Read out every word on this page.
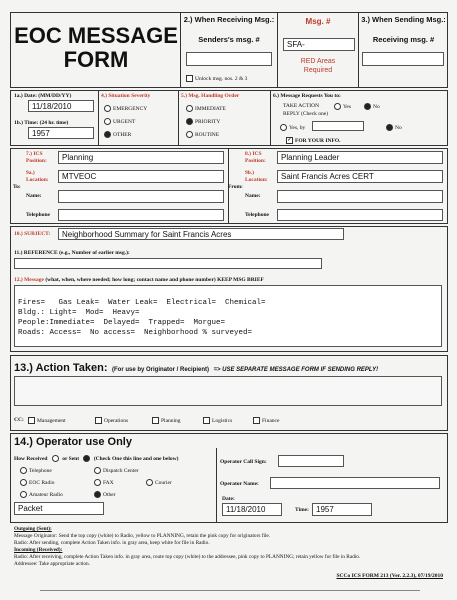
EOC MESSAGE
FORM
2.) When Receiving Msg.:
Senders's msg. #
Unlock msg. nos. 2 & 3
Msg. #
SFA-
RED Areas
Required
3.) When Sending Msg.:
Receiving msg. #
1a.) Date: (MM/DD/YY)
11/18/2010
1b.) Time: (24 hr. time)
1957
4.) Situation Severity
EMERGENCY
URGENT
OTHER
5.) Msg. Handling Order
IMMEDIATE
PRIORITY
ROUTINE
6.) Message Requests You to:
TAKE ACTION	Yes	No
REPLY (Check one)
Yes, by	No
✓ FOR YOUR INFO.
To:
7.) ICS Position:	Planning
9a.) Location:	MTVEOC
Name:
Telephone
From:
8.) ICS Position:	Planning Leader
9b.) Location:	Saint Francis Acres CERT
Name:
Telephone
10.) SUBJECT:	Neighborhood Summary for Saint Francis Acres
11.) REFERENCE (e.g., Number of earlier msg.):
12.) Message (what, when, where needed; how long; contact name and phone number) KEEP MSG BRIEF

Fires=   Gas Leak=  Water Leak=  Electrical=  Chemical=
Bldg.: Light=  Mod=  Heavy=
People:Immediate=  Delayed=  Trapped=  Morgue=
Roads: Access=  No access=  Neighborhood % surveyed=

13.) Action Taken: (For use by Originator / Recipient) => USE SEPARATE MESSAGE FORM IF SENDING REPLY!
CC:	Management	Operations	Planning	Logistics	Finance
14.) Operator use Only
How Received	or Sent	(Check One this line and one below)
Telephone	Dispatch Center
EOC Radio	FAX	Courier
Amateur Radio	Other
Packet
Operator Call Sign:
Operator Name:
Date:
11/18/2010	Time: 1957
Outgoing (Sent):
Message Originator: Send the top copy (white) to Radio, yellow to PLANNING, retain the pink copy for originators file.
Radio: After sending, complete Action Taken info. in gray area, keep white for file in Radio.
Incoming (Received):
Radio: After receiving, complete Action Taken info. in gray area, route top copy (white) to the addressee, pink copy to PLANNING; retain yellow for file in Radio.
Addressee: Take appropriate action.
SCCo ICS FORM 213 (Ver. 2.2.3), 07/19/2010
